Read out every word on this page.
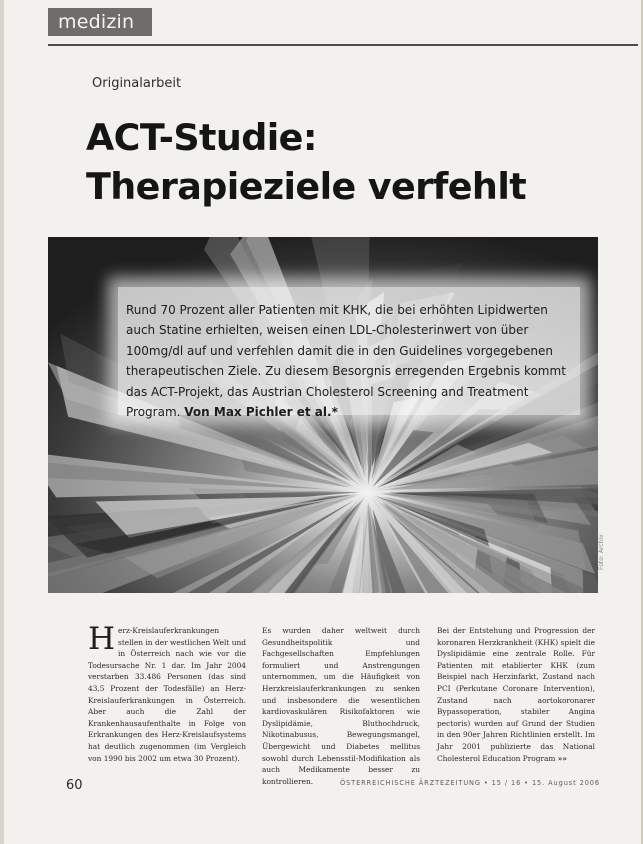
medizin
Originalarbeit
ACT-Studie:
Therapieziele verfehlt

Rund 70 Prozent aller Patienten mit KHK, die bei erhöhten Lipidwerten auch Statine erhielten, weisen einen LDL-Cholesterinwert von über 100mg/dl auf und verfehlen damit die in den Guidelines vorgegebenen therapeutischen Ziele. Zu diesem Besorgnis erregenden Ergebnis kommt das ACT-Projekt, das Austrian Cholesterol Screening and Treatment Program. Von Max Pichler et al.*

Foto: Archiv

Herz-Kreislauferkrankungen stellen in der westlichen Welt und in Österreich nach wie vor die Todesursache Nr. 1 dar. Im Jahr 2004 verstarben 33.486 Personen (das sind 43,5 Prozent der Todesfälle) an Herz-Kreislauferkrankungen in Österreich. Aber auch die Zahl der Krankenhausaufenthalte in Folge von Erkrankungen des Herz-Kreislaufsystems hat deutlich zugenommen (im Vergleich von 1990 bis 2002 um etwa 30 Prozent).

Es wurden daher weltweit durch Gesundheitspolitik und Fachgesellschaften Empfehlungen formuliert und Anstrengungen unternommen, um die Häufigkeit von Herzkreislauferkrankungen zu senken und insbesondere die wesentlichen kardiovaskulären Risikofaktoren wie Dyslipidämie, Bluthochdruck, Nikotinabusus, Bewegungsmangel, Übergewicht und Diabetes mellitus sowohl durch Lebensstil-Modifikation als auch Medikamente besser zu kontrollieren.

Bei der Entstehung und Progression der koronaren Herzkrankheit (KHK) spielt die Dyslipidämie eine zentrale Rolle. Für Patienten mit etablierter KHK (zum Beispiel nach Herzinfarkt, Zustand nach PCI (Perkutane Coronare Intervention), Zustand nach aortokoronarer Bypassoperation, stabiler Angina pectoris) wurden auf Grund der Studien in den 90er Jahren Richtlinien erstellt. Im Jahr 2001 publizierte das National Cholesterol Education Program »»

60	ÖSTERREICHISCHE ÄRZTEZEITUNG • 15 / 16 • 15. August 2006
